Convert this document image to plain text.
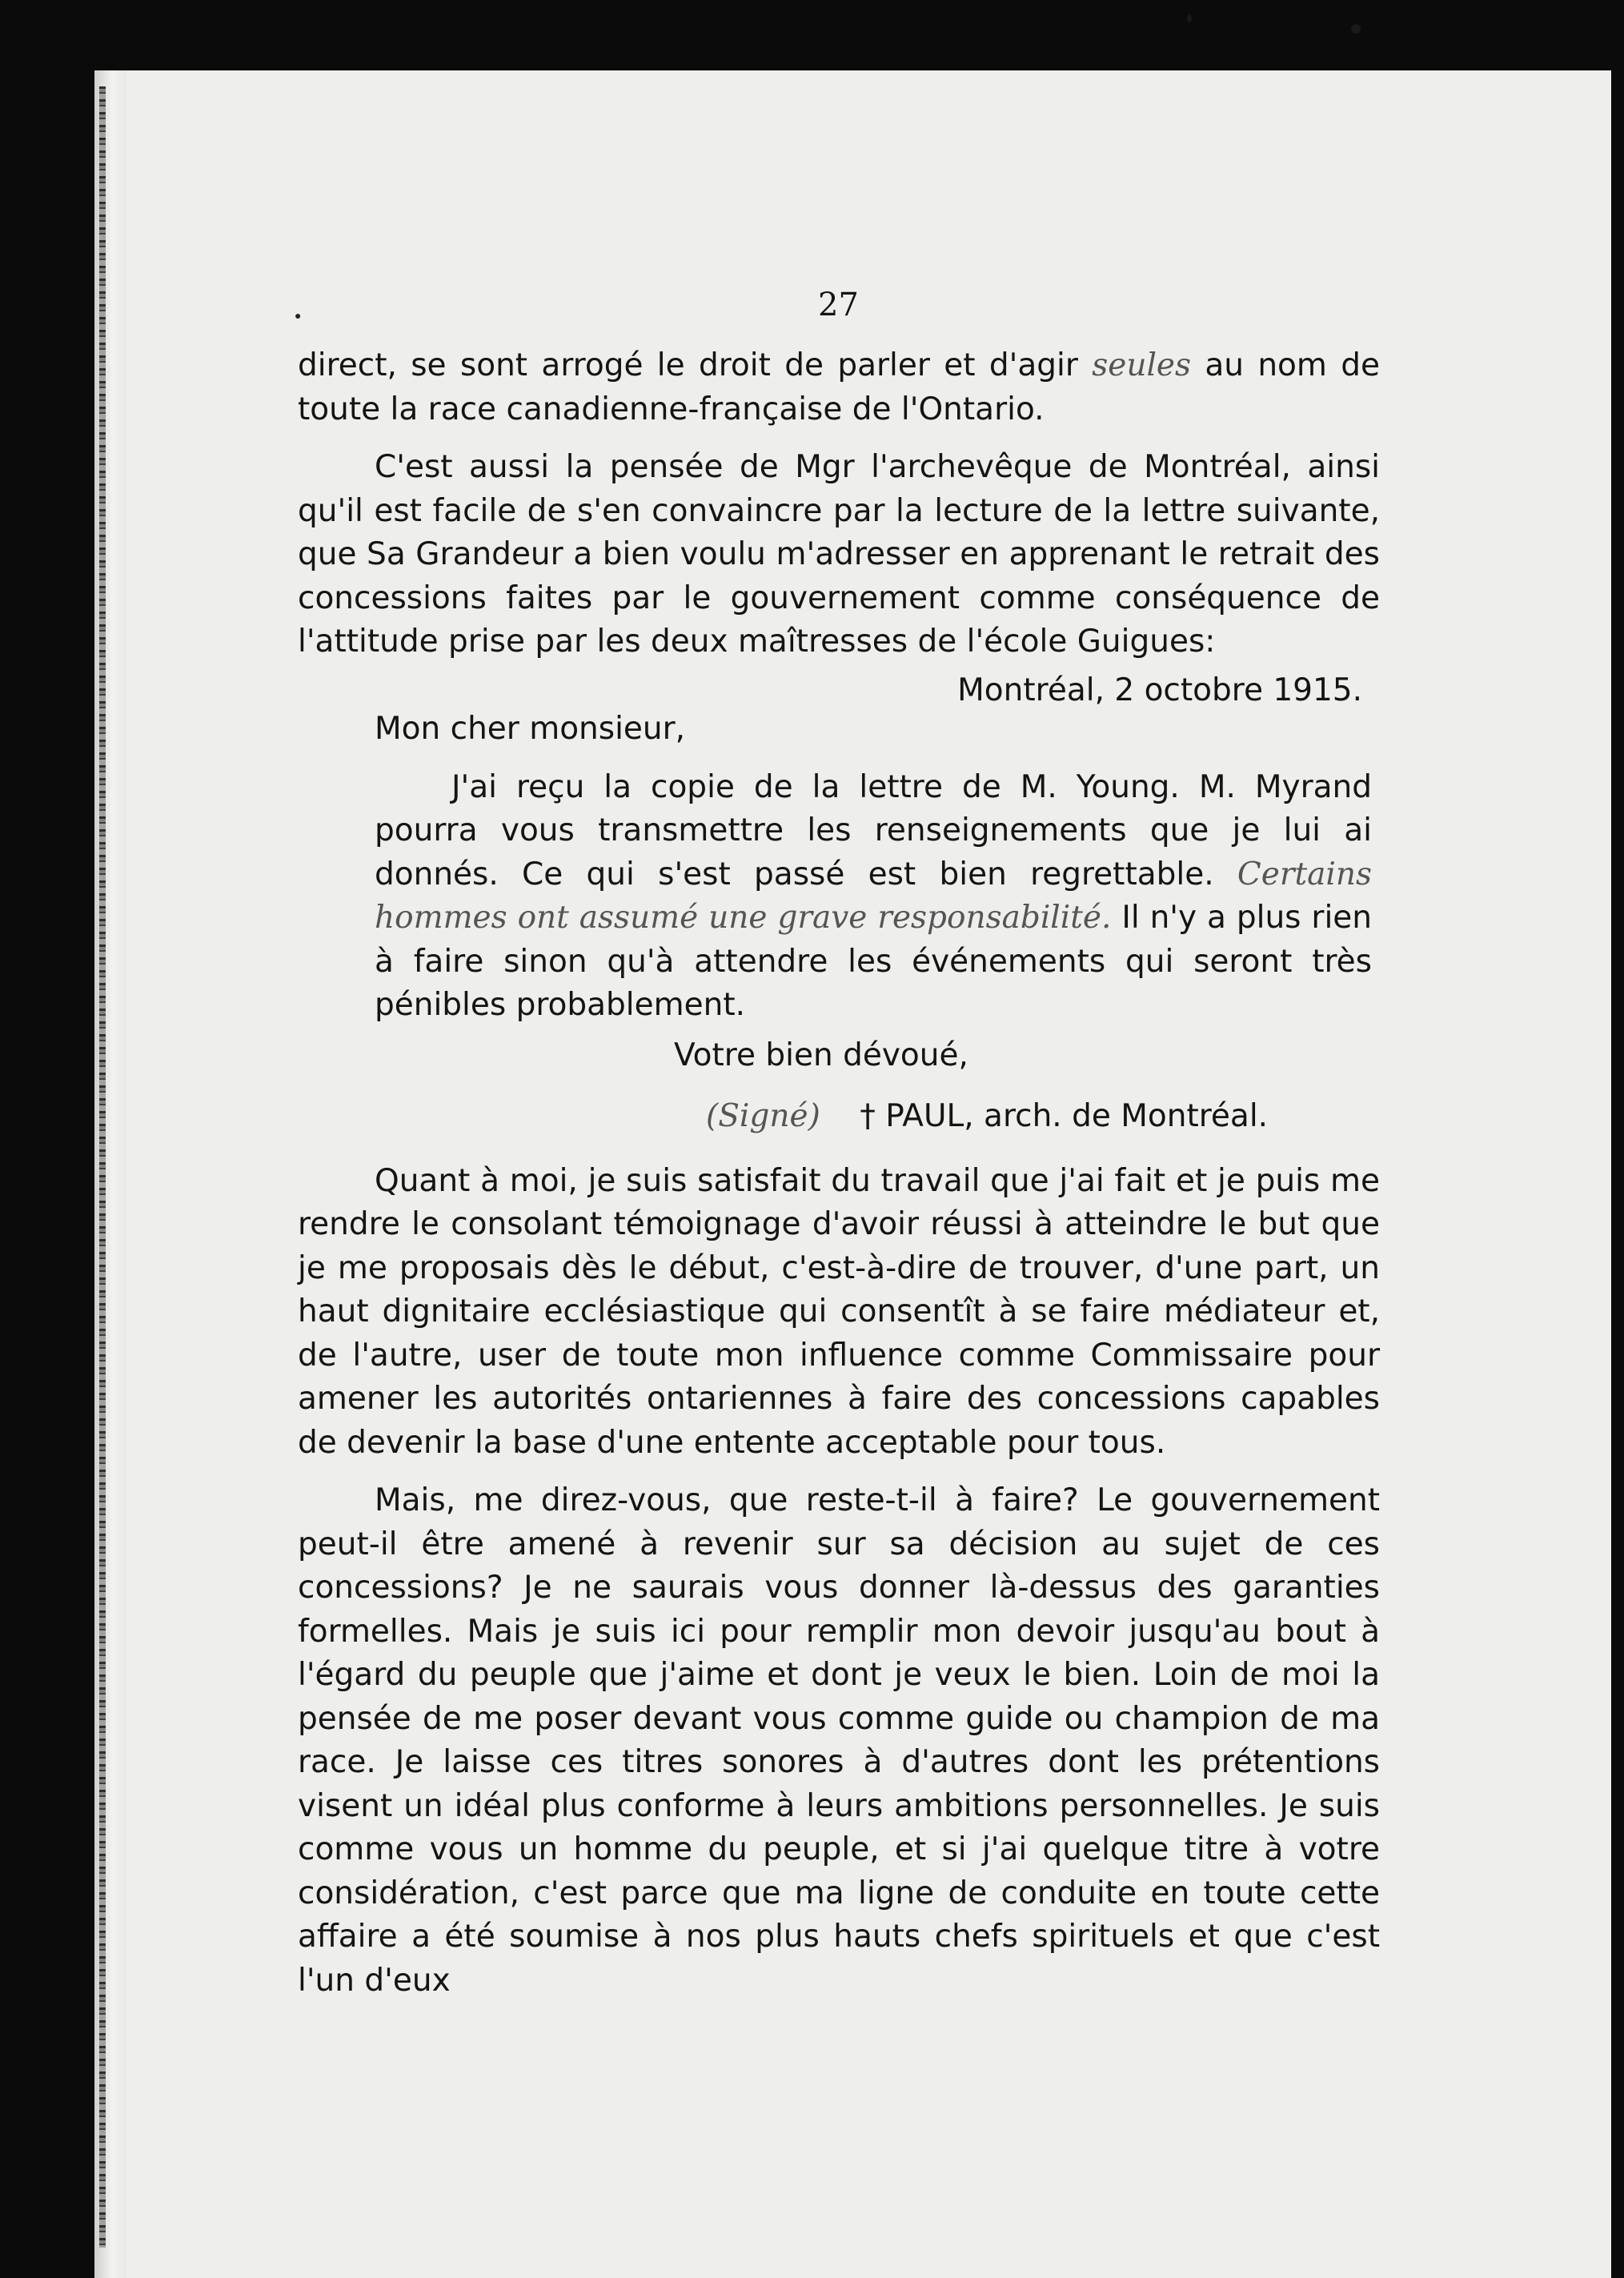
●	27

direct, se sont arrogé le droit de parler et d'agir seules au nom de toute la race canadienne-française de l'Ontario.

C'est aussi la pensée de Mgr l'archevêque de Montréal, ainsi qu'il est facile de s'en convaincre par la lecture de la lettre suivante, que Sa Grandeur a bien voulu m'adresser en apprenant le retrait des concessions faites par le gouvernement comme conséquence de l'attitude prise par les deux maîtresses de l'école Guigues:

Montréal, 2 octobre 1915.

Mon cher monsieur,

J'ai reçu la copie de la lettre de M. Young. M. Myrand pourra vous transmettre les renseignements que je lui ai donnés. Ce qui s'est passé est bien regrettable. Certains hommes ont assumé une grave responsabilité. Il n'y a plus rien à faire sinon qu'à attendre les événements qui seront très pénibles probablement.

Votre bien dévoué,

(Signé) † PAUL, arch. de Montréal.

Quant à moi, je suis satisfait du travail que j'ai fait et je puis me rendre le consolant témoignage d'avoir réussi à atteindre le but que je me proposais dès le début, c'est-à-dire de trouver, d'une part, un haut dignitaire ecclésiastique qui consentît à se faire médiateur et, de l'autre, user de toute mon influence comme Commissaire pour amener les autorités ontariennes à faire des concessions capables de devenir la base d'une entente acceptable pour tous.

Mais, me direz-vous, que reste-t-il à faire? Le gouvernement peut-il être amené à revenir sur sa décision au sujet de ces concessions? Je ne saurais vous donner là-dessus des garanties formelles. Mais je suis ici pour remplir mon devoir jusqu'au bout à l'égard du peuple que j'aime et dont je veux le bien. Loin de moi la pensée de me poser devant vous comme guide ou champion de ma race. Je laisse ces titres sonores à d'autres dont les prétentions visent un idéal plus conforme à leurs ambitions personnelles. Je suis comme vous un homme du peuple, et si j'ai quelque titre à votre considération, c'est parce que ma ligne de conduite en toute cette affaire a été soumise à nos plus hauts chefs spirituels et que c'est l'un d'eux
